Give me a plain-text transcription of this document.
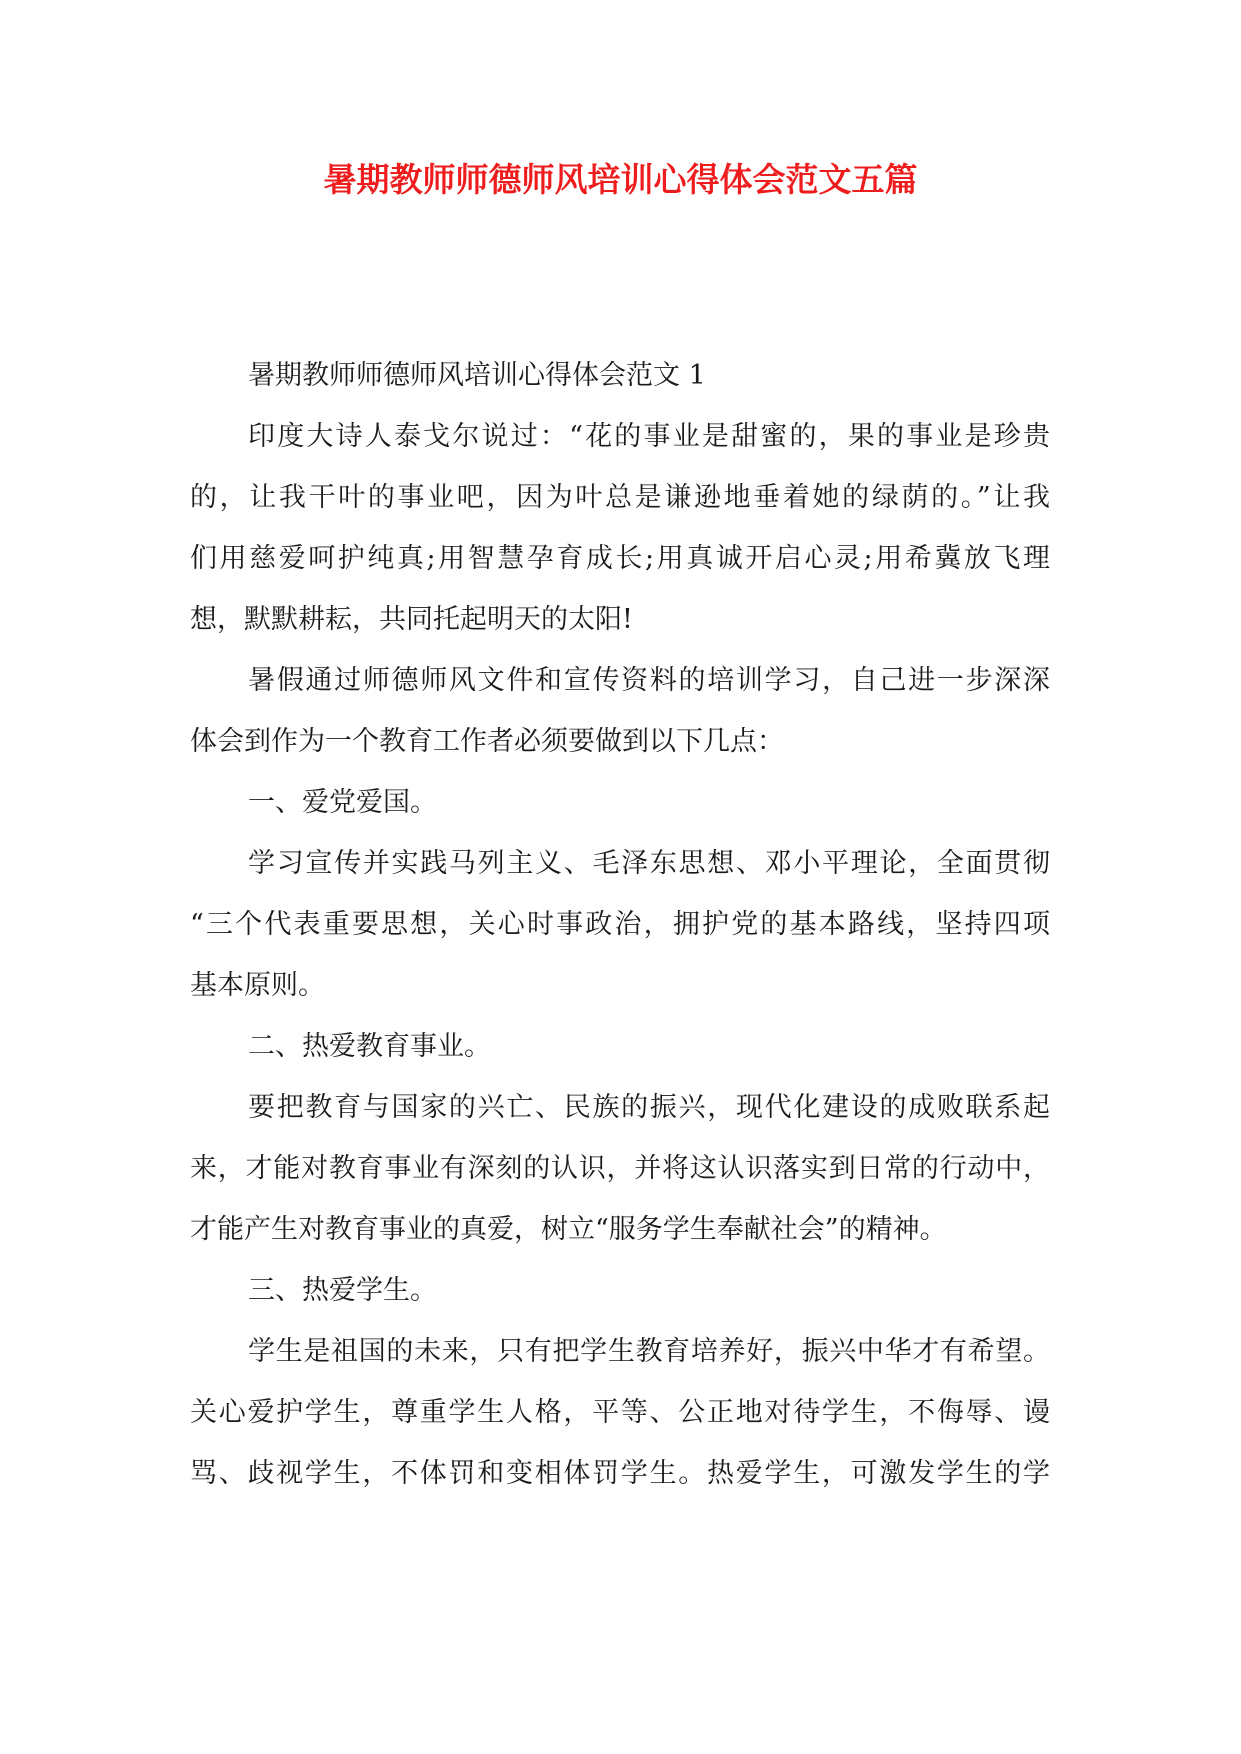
暑期教师师德师风培训心得体会范文五篇
暑期教师师德师风培训心得体会范文 1
印度大诗人泰戈尔说过：“花的事业是甜蜜的，果的事业是珍贵
的，让我干叶的事业吧，因为叶总是谦逊地垂着她的绿荫的。”让我
们用慈爱呵护纯真;用智慧孕育成长;用真诚开启心灵;用希冀放飞理
想，默默耕耘，共同托起明天的太阳!
暑假通过师德师风文件和宣传资料的培训学习，自己进一步深深
体会到作为一个教育工作者必须要做到以下几点：
一、爱党爱国。
学习宣传并实践马列主义、毛泽东思想、邓小平理论，全面贯彻
“三个代表重要思想，关心时事政治，拥护党的基本路线，坚持四项
基本原则。
二、热爱教育事业。
要把教育与国家的兴亡、民族的振兴，现代化建设的成败联系起
来，才能对教育事业有深刻的认识，并将这认识落实到日常的行动中，
才能产生对教育事业的真爱，树立“服务学生奉献社会”的精神。
三、热爱学生。
学生是祖国的未来，只有把学生教育培养好，振兴中华才有希望。
关心爱护学生，尊重学生人格，平等、公正地对待学生，不侮辱、谩
骂、歧视学生，不体罚和变相体罚学生。热爱学生，可激发学生的学
